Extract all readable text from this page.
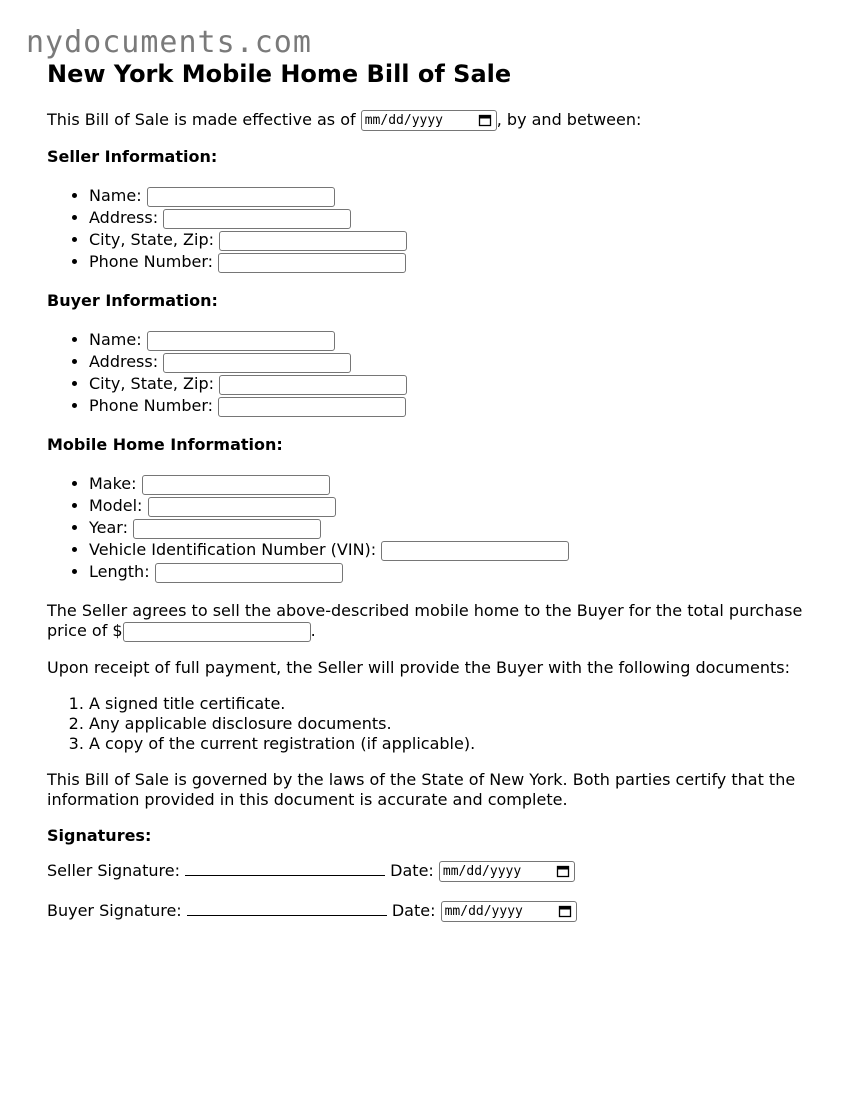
nydocuments.com
New York Mobile Home Bill of Sale

This Bill of Sale is made effective as of mm/dd/yyyy	, by and between:

Seller Information:
• Name:
• Address:
• City, State, Zip:
• Phone Number:
Buyer Information:
• Name:
• Address:
• City, State, Zip:
• Phone Number:
Mobile Home Information:
• Make:
• Model:
• Year:
• Vehicle Identification Number (VIN):
• Length:

The Seller agrees to sell the above-described mobile home to the Buyer for the total purchase price of $	.

Upon receipt of full payment, the Seller will provide the Buyer with the following documents:

1. A signed title certificate.
2. Any applicable disclosure documents.
3. A copy of the current registration (if applicable).

This Bill of Sale is governed by the laws of the State of New York. Both parties certify that the information provided in this document is accurate and complete.

Signatures:
Seller Signature:	Date: mm/dd/yyyy
Buyer Signature:	Date: mm/dd/yyyy
